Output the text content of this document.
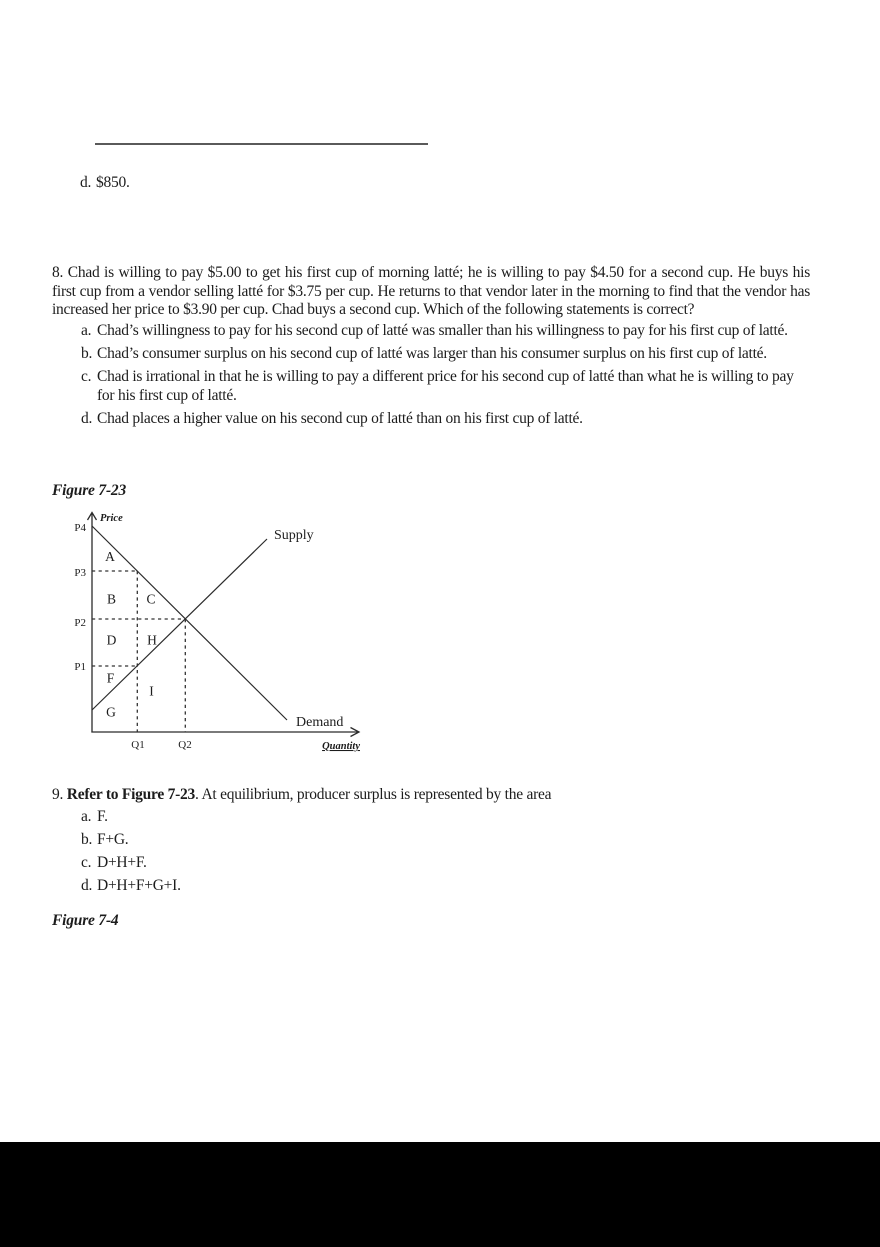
d. $850.
8. Chad is willing to pay $5.00 to get his first cup of morning latté; he is willing to pay $4.50 for a second cup. He buys his first cup from a vendor selling latté for $3.75 per cup. He returns to that vendor later in the morning to find that the vendor has increased her price to $3.90 per cup. Chad buys a second cup. Which of the following statements is correct?
a. Chad’s willingness to pay for his second cup of latté was smaller than his willingness to pay for his first cup of latté.
b. Chad’s consumer surplus on his second cup of latté was larger than his consumer surplus on his first cup of latté.
c. Chad is irrational in that he is willing to pay a different price for his second cup of latté than what he is willing to pay for his first cup of latté.
d. Chad places a higher value on his second cup of latté than on his first cup of latté.
Figure 7-23
Price
Quantity
P4
P3
P2
P1
Q1	Q2
Supply
Demand
A
B C
D H
F
I
G
9. Refer to Figure 7-23. At equilibrium, producer surplus is represented by the area
a. F.
b. F+G.
c. D+H+F.
d. D+H+F+G+I.
Figure 7-4
